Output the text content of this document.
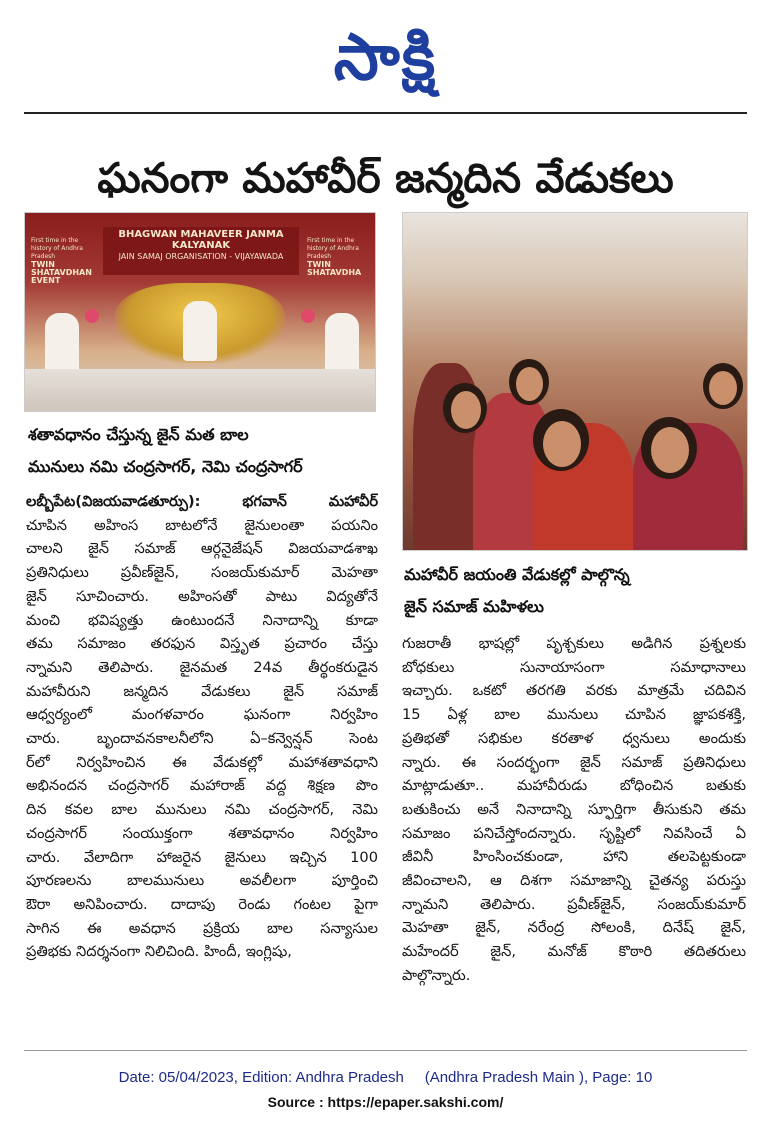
సాక్షి
ఘనంగా మహావీర్‌ జన్మదిన వేడుకలు
BHAGWAN MAHAVEER JANMA KALYANAK
JAIN SAMAJ ORGANISATION - VIJAYAWADA
First time in the history of Andhra Pradesh
TWIN SHATAVDHAN EVENT
First time in the history of Andhra Pradesh
TWIN SHATAVDHA
శతావధానం చేస్తున్న జైన్‌ మత బాల
మునులు నమి చంద్రసాగర్‌, నెమి చంద్రసాగర్‌
మహావీర్‌ జయంతి వేడుకల్లో పాల్గొన్న
జైన్‌ సమాజ్‌ మహిళలు
లబ్బీపేట(విజయవాడతూర్పు): భగవాన్‌ మహావీర్‌
చూపిన అహింస బాటలోనే జైనులంతా పయనిం
చాలని జైన్‌ సమాజ్‌ ఆర్గనైజేషన్‌ విజయవాడశాఖ
ప్రతినిధులు ప్రవీణ్‌జైన్‌, సంజయ్‌కుమార్‌ మెహతా
జైన్‌ సూచించారు. అహింసతో పాటు విద్యతోనే
మంచి భవిష్యత్తు ఉంటుందనే నినాదాన్ని కూడా
తమ సమాజం తరఫున విస్తృత ప్రచారం చేస్తు
న్నామని తెలిపారు. జైనమత 24వ తీర్థంకరుడైన
మహావీరుని జన్మదిన వేడుకలు జైన్‌ సమాజ్‌
ఆధ్వర్యంలో మంగళవారం ఘనంగా నిర్వహిం
చారు. బృందావనకాలనీలోని ఏ–కన్వెన్షన్‌ సెంట
ర్‌లో నిర్వహించిన ఈ వేడుకల్లో మహాశతావధాని
అభినందన చంద్రసాగర్‌ మహారాజ్‌ వద్ద శిక్షణ పొం
దిన కవల బాల మునులు నమి చంద్రసాగర్‌, నెమి
చంద్రసాగర్‌ సంయుక్తంగా శతావధానం నిర్వహిం
చారు. వేలాదిగా హాజరైన జైనులు ఇచ్చిన 100
పూరణలను బాలమునులు అవలీలగా పూర్తించి
ఔరా అనిపించారు. దాదాపు రెండు గంటల పైగా
సాగిన ఈ అవధాన ప్రక్రియ బాల సన్యాసుల
ప్రతిభకు నిదర్శనంగా నిలిచింది. హిందీ, ఇంగ్లిషు,
గుజరాతీ భాషల్లో పృశ్చకులు అడిగిన ప్రశ్నలకు
బోధకులు సునాయాసంగా సమాధానాలు
ఇచ్చారు. ఒకటో తరగతి వరకు మాత్రమే చదివిన
15 ఏళ్ల బాల మునులు చూపిన జ్ఞాపకశక్తి,
ప్రతిభతో సభికుల కరతాళ ధ్వనులు అందుకు
న్నారు. ఈ సందర్భంగా జైన్‌ సమాజ్‌ ప్రతినిధులు
మాట్లాడుతూ.. మహావీరుడు బోధించిన బతుకు
బతుకించు అనే నినాదాన్ని స్ఫూర్తిగా తీసుకుని తమ
సమాజం పనిచేస్తోందన్నారు. సృష్టిలో నివసించే ఏ
జీవినీ హింసించకుండా, హాని తలపెట్టకుండా
జీవించాలని, ఆ దిశగా సమాజాన్ని చైతన్య పరుస్తు
న్నామని తెలిపారు. ప్రవీణ్‌జైన్‌, సంజయ్‌కుమార్‌
మెహతా జైన్‌, నరేంద్ర సోలంకి, దినేష్‌ జైన్‌,
మహేందర్‌ జైన్‌, మనోజ్‌ కొఠారి తదితరులు
పాల్గొన్నారు.
Date: 05/04/2023, Edition: Andhra Pradesh     (Andhra Pradesh Main ), Page: 10
Source : https://epaper.sakshi.com/
